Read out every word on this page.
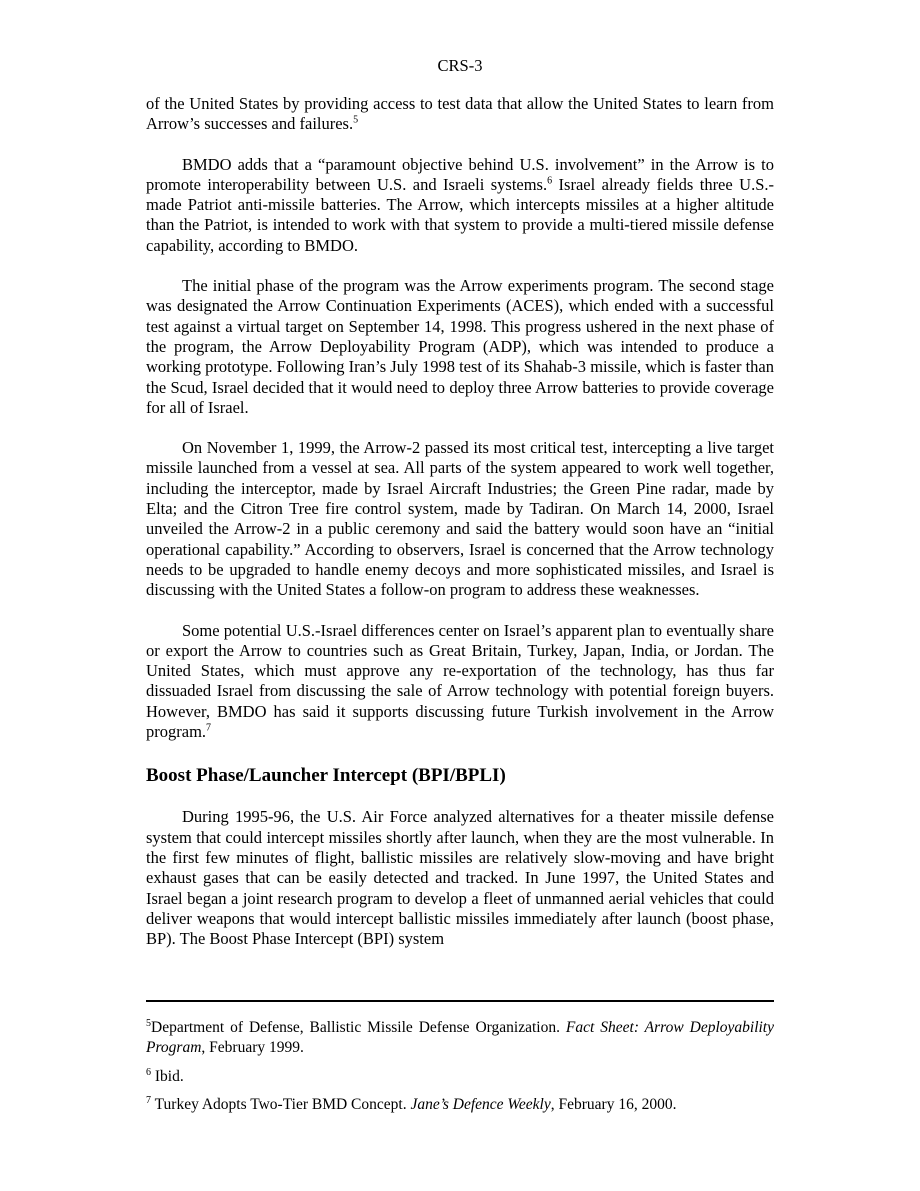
CRS-3

of the United States by providing access to test data that allow the United States to learn from Arrow’s successes and failures.$^5$

BMDO adds that a “paramount objective behind U.S. involvement” in the Arrow is to promote interoperability between U.S. and Israeli systems.$^6$ Israel already fields three U.S.-made Patriot anti-missile batteries. The Arrow, which intercepts missiles at a higher altitude than the Patriot, is intended to work with that system to provide a multi-tiered missile defense capability, according to BMDO.

The initial phase of the program was the Arrow experiments program. The second stage was designated the Arrow Continuation Experiments (ACES), which ended with a successful test against a virtual target on September 14, 1998. This progress ushered in the next phase of the program, the Arrow Deployability Program (ADP), which was intended to produce a working prototype. Following Iran’s July 1998 test of its Shahab-3 missile, which is faster than the Scud, Israel decided that it would need to deploy three Arrow batteries to provide coverage for all of Israel.

On November 1, 1999, the Arrow-2 passed its most critical test, intercepting a live target missile launched from a vessel at sea. All parts of the system appeared to work well together, including the interceptor, made by Israel Aircraft Industries; the Green Pine radar, made by Elta; and the Citron Tree fire control system, made by Tadiran. On March 14, 2000, Israel unveiled the Arrow-2 in a public ceremony and said the battery would soon have an “initial operational capability.” According to observers, Israel is concerned that the Arrow technology needs to be upgraded to handle enemy decoys and more sophisticated missiles, and Israel is discussing with the United States a follow-on program to address these weaknesses.

Some potential U.S.-Israel differences center on Israel’s apparent plan to eventually share or export the Arrow to countries such as Great Britain, Turkey, Japan, India, or Jordan. The United States, which must approve any re-exportation of the technology, has thus far dissuaded Israel from discussing the sale of Arrow technology with potential foreign buyers. However, BMDO has said it supports discussing future Turkish involvement in the Arrow program.$^7$

Boost Phase/Launcher Intercept (BPI/BPLI)

During 1995-96, the U.S. Air Force analyzed alternatives for a theater missile defense system that could intercept missiles shortly after launch, when they are the most vulnerable. In the first few minutes of flight, ballistic missiles are relatively slow-moving and have bright exhaust gases that can be easily detected and tracked. In June 1997, the United States and Israel began a joint research program to develop a fleet of unmanned aerial vehicles that could deliver weapons that would intercept ballistic missiles immediately after launch (boost phase, BP). The Boost Phase Intercept (BPI) system

$^5$Department of Defense, Ballistic Missile Defense Organization. Fact Sheet: Arrow Deployability Program, February 1999.

$^6$ Ibid.

$^7$ Turkey Adopts Two-Tier BMD Concept. Jane’s Defence Weekly, February 16, 2000.
